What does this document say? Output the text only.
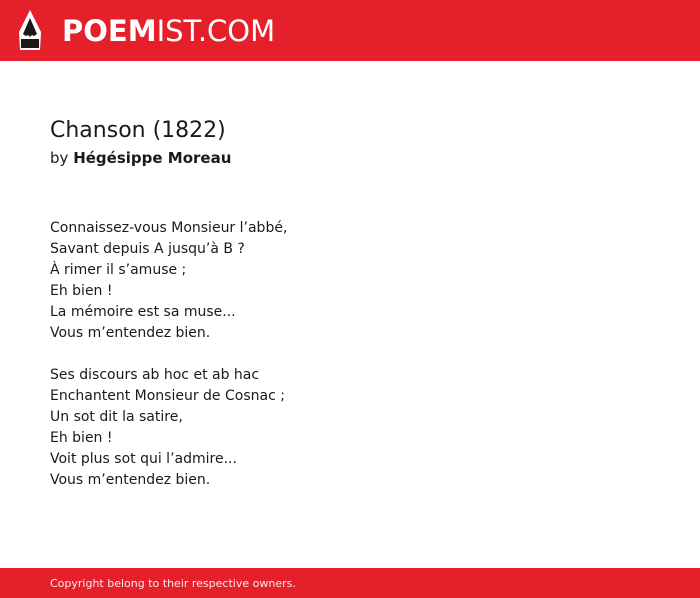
POEMIST.COM
Chanson (1822)
by Hégésippe Moreau
Connaissez-vous Monsieur l’abbé,
Savant depuis A jusqu’à B ?
À rimer il s’amuse ;
Eh bien !
La mémoire est sa muse...
Vous m’entendez bien.
Ses discours ab hoc et ab hac
Enchantent Monsieur de Cosnac ;
Un sot dit la satire,
Eh bien !
Voit plus sot qui l’admire...
Vous m’entendez bien.
Copyright belong to their respective owners.
